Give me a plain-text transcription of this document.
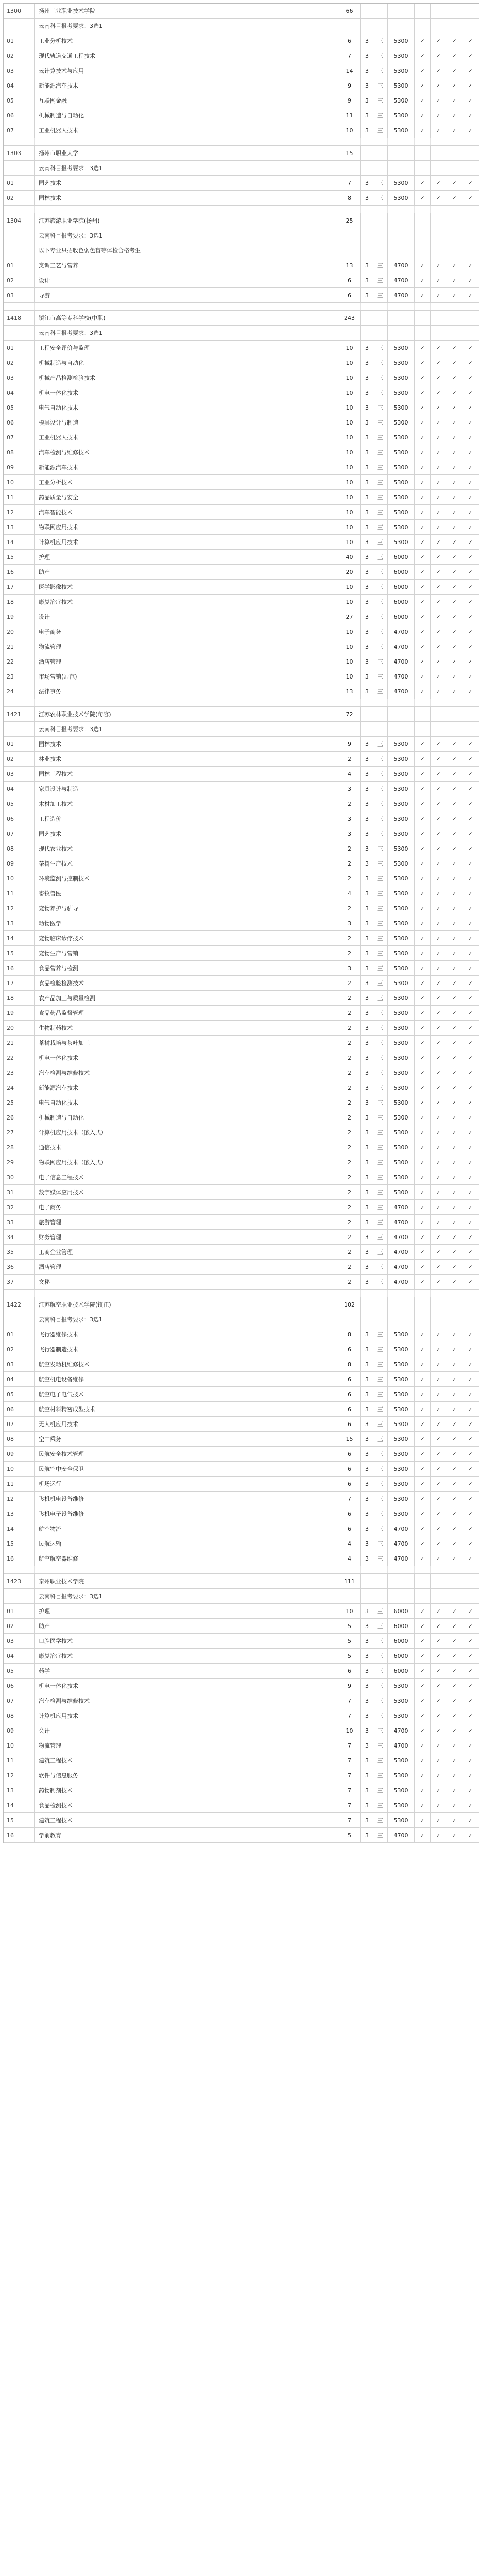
1300	扬州工业职业技术学院	66
云南科目报考要求：3选1
01	工业分析技术	6	3	三	5300	✓	✓	✓	✓
02	现代轨道交通工程技术	7	3	三	5300	✓	✓	✓	✓
03	云计算技术与应用	14	3	三	5300	✓	✓	✓	✓
04	新能源汽车技术	9	3	三	5300	✓	✓	✓	✓
05	互联网金融	9	3	三	5300	✓	✓	✓	✓
06	机械制造与自动化	11	3	三	5300	✓	✓	✓	✓
07	工业机器人技术	10	3	三	5300	✓	✓	✓	✓
1303	扬州市职业大学	15
云南科目报考要求：3选1
01	园艺技术	7	3	三	5300	✓	✓	✓	✓
02	园林技术	8	3	三	5300	✓	✓	✓	✓
1304	江苏旅游职业学院(扬州)	25
云南科目报考要求：3选1
以下专业只招收色弱色盲等体检合格考生
01	烹调工艺与营养	13	3	三	4700	✓	✓	✓	✓
02	设计	6	3	三	4700	✓	✓	✓	✓
03	导游	6	3	三	4700	✓	✓	✓	✓
1418	镇江市高等专科学校(中职)	243
云南科目报考要求：3选1
01	工程安全评价与监理	10	3	三	5300	✓	✓	✓	✓
02	机械制造与自动化	10	3	三	5300	✓	✓	✓	✓
03	机械产品检测检验技术	10	3	三	5300	✓	✓	✓	✓
04	机电一体化技术	10	3	三	5300	✓	✓	✓	✓
05	电气自动化技术	10	3	三	5300	✓	✓	✓	✓
06	模具设计与制造	10	3	三	5300	✓	✓	✓	✓
07	工业机器人技术	10	3	三	5300	✓	✓	✓	✓
08	汽车检测与维修技术	10	3	三	5300	✓	✓	✓	✓
09	新能源汽车技术	10	3	三	5300	✓	✓	✓	✓
10	工业分析技术	10	3	三	5300	✓	✓	✓	✓
11	药品质量与安全	10	3	三	5300	✓	✓	✓	✓
12	汽车智能技术	10	3	三	5300	✓	✓	✓	✓
13	物联网应用技术	10	3	三	5300	✓	✓	✓	✓
14	计算机应用技术	10	3	三	5300	✓	✓	✓	✓
15	护理	40	3	三	6000	✓	✓	✓	✓
16	助产	20	3	三	6000	✓	✓	✓	✓
17	医学影像技术	10	3	三	6000	✓	✓	✓	✓
18	康复治疗技术	10	3	三	6000	✓	✓	✓	✓
19	设计	27	3	三	6000	✓	✓	✓	✓
20	电子商务	10	3	三	4700	✓	✓	✓	✓
21	物流管理	10	3	三	4700	✓	✓	✓	✓
22	酒店管理	10	3	三	4700	✓	✓	✓	✓
23	市场营销(师范)	10	3	三	4700	✓	✓	✓	✓
24	法律事务	13	3	三	4700	✓	✓	✓	✓
1421	江苏农林职业技术学院(句容)	72
云南科目报考要求：3选1
01	园林技术	9	3	三	5300	✓	✓	✓	✓
02	林业技术	2	3	三	5300	✓	✓	✓	✓
03	园林工程技术	4	3	三	5300	✓	✓	✓	✓
04	家具设计与制造	3	3	三	5300	✓	✓	✓	✓
05	木材加工技术	2	3	三	5300	✓	✓	✓	✓
06	工程造价	3	3	三	5300	✓	✓	✓	✓
07	园艺技术	3	3	三	5300	✓	✓	✓	✓
08	现代农业技术	2	3	三	5300	✓	✓	✓	✓
09	茶树生产技术	2	3	三	5300	✓	✓	✓	✓
10	环境监测与控制技术	2	3	三	5300	✓	✓	✓	✓
11	畜牧兽医	4	3	三	5300	✓	✓	✓	✓
12	宠物养护与驯导	2	3	三	5300	✓	✓	✓	✓
13	动物医学	3	3	三	5300	✓	✓	✓	✓
14	宠物临床诊疗技术	2	3	三	5300	✓	✓	✓	✓
15	宠物生产与营销	2	3	三	5300	✓	✓	✓	✓
16	食品营养与检测	3	3	三	5300	✓	✓	✓	✓
17	食品检验检测技术	2	3	三	5300	✓	✓	✓	✓
18	农产品加工与质量检测	2	3	三	5300	✓	✓	✓	✓
19	食品药品监督管理	2	3	三	5300	✓	✓	✓	✓
20	生物制药技术	2	3	三	5300	✓	✓	✓	✓
21	茶树栽培与茶叶加工	2	3	三	5300	✓	✓	✓	✓
22	机电一体化技术	2	3	三	5300	✓	✓	✓	✓
23	汽车检测与维修技术	2	3	三	5300	✓	✓	✓	✓
24	新能源汽车技术	2	3	三	5300	✓	✓	✓	✓
25	电气自动化技术	2	3	三	5300	✓	✓	✓	✓
26	机械制造与自动化	2	3	三	5300	✓	✓	✓	✓
27	计算机应用技术（嵌入式）	2	3	三	5300	✓	✓	✓	✓
28	通信技术	2	3	三	5300	✓	✓	✓	✓
29	物联网应用技术（嵌入式）	2	3	三	5300	✓	✓	✓	✓
30	电子信息工程技术	2	3	三	5300	✓	✓	✓	✓
31	数字媒体应用技术	2	3	三	5300	✓	✓	✓	✓
32	电子商务	2	3	三	4700	✓	✓	✓	✓
33	旅游管理	2	3	三	4700	✓	✓	✓	✓
34	财务管理	2	3	三	4700	✓	✓	✓	✓
35	工商企业管理	2	3	三	4700	✓	✓	✓	✓
36	酒店管理	2	3	三	4700	✓	✓	✓	✓
37	文秘	2	3	三	4700	✓	✓	✓	✓
1422	江苏航空职业技术学院(镇江)	102
云南科目报考要求：3选1
01	飞行器维修技术	8	3	三	5300	✓	✓	✓	✓
02	飞行器制造技术	6	3	三	5300	✓	✓	✓	✓
03	航空发动机维修技术	8	3	三	5300	✓	✓	✓	✓
04	航空机电设备维修	6	3	三	5300	✓	✓	✓	✓
05	航空电子电气技术	6	3	三	5300	✓	✓	✓	✓
06	航空材料精密成型技术	6	3	三	5300	✓	✓	✓	✓
07	无人机应用技术	6	3	三	5300	✓	✓	✓	✓
08	空中乘务	15	3	三	5300	✓	✓	✓	✓
09	民航安全技术管理	6	3	三	5300	✓	✓	✓	✓
10	民航空中安全保卫	6	3	三	5300	✓	✓	✓	✓
11	机场运行	6	3	三	5300	✓	✓	✓	✓
12	飞机机电设备维修	7	3	三	5300	✓	✓	✓	✓
13	飞机电子设备维修	6	3	三	5300	✓	✓	✓	✓
14	航空物流	6	3	三	4700	✓	✓	✓	✓
15	民航运输	4	3	三	4700	✓	✓	✓	✓
16	航空航空器维修	4	3	三	4700	✓	✓	✓	✓
1423	泰州职业技术学院	111
云南科目报考要求：3选1
01	护理	10	3	三	6000	✓	✓	✓	✓
02	助产	5	3	三	6000	✓	✓	✓	✓
03	口腔医学技术	5	3	三	6000	✓	✓	✓	✓
04	康复治疗技术	5	3	三	6000	✓	✓	✓	✓
05	药学	6	3	三	6000	✓	✓	✓	✓
06	机电一体化技术	9	3	三	5300	✓	✓	✓	✓
07	汽车检测与维修技术	7	3	三	5300	✓	✓	✓	✓
08	计算机应用技术	7	3	三	5300	✓	✓	✓	✓
09	会计	10	3	三	4700	✓	✓	✓	✓
10	物流管理	7	3	三	4700	✓	✓	✓	✓
11	建筑工程技术	7	3	三	5300	✓	✓	✓	✓
12	软件与信息服务	7	3	三	5300	✓	✓	✓	✓
13	药物制剂技术	7	3	三	5300	✓	✓	✓	✓
14	食品检测技术	7	3	三	5300	✓	✓	✓	✓
15	建筑工程技术	7	3	三	5300	✓	✓	✓	✓
16	学前教育	5	3	三	4700	✓	✓	✓	✓
